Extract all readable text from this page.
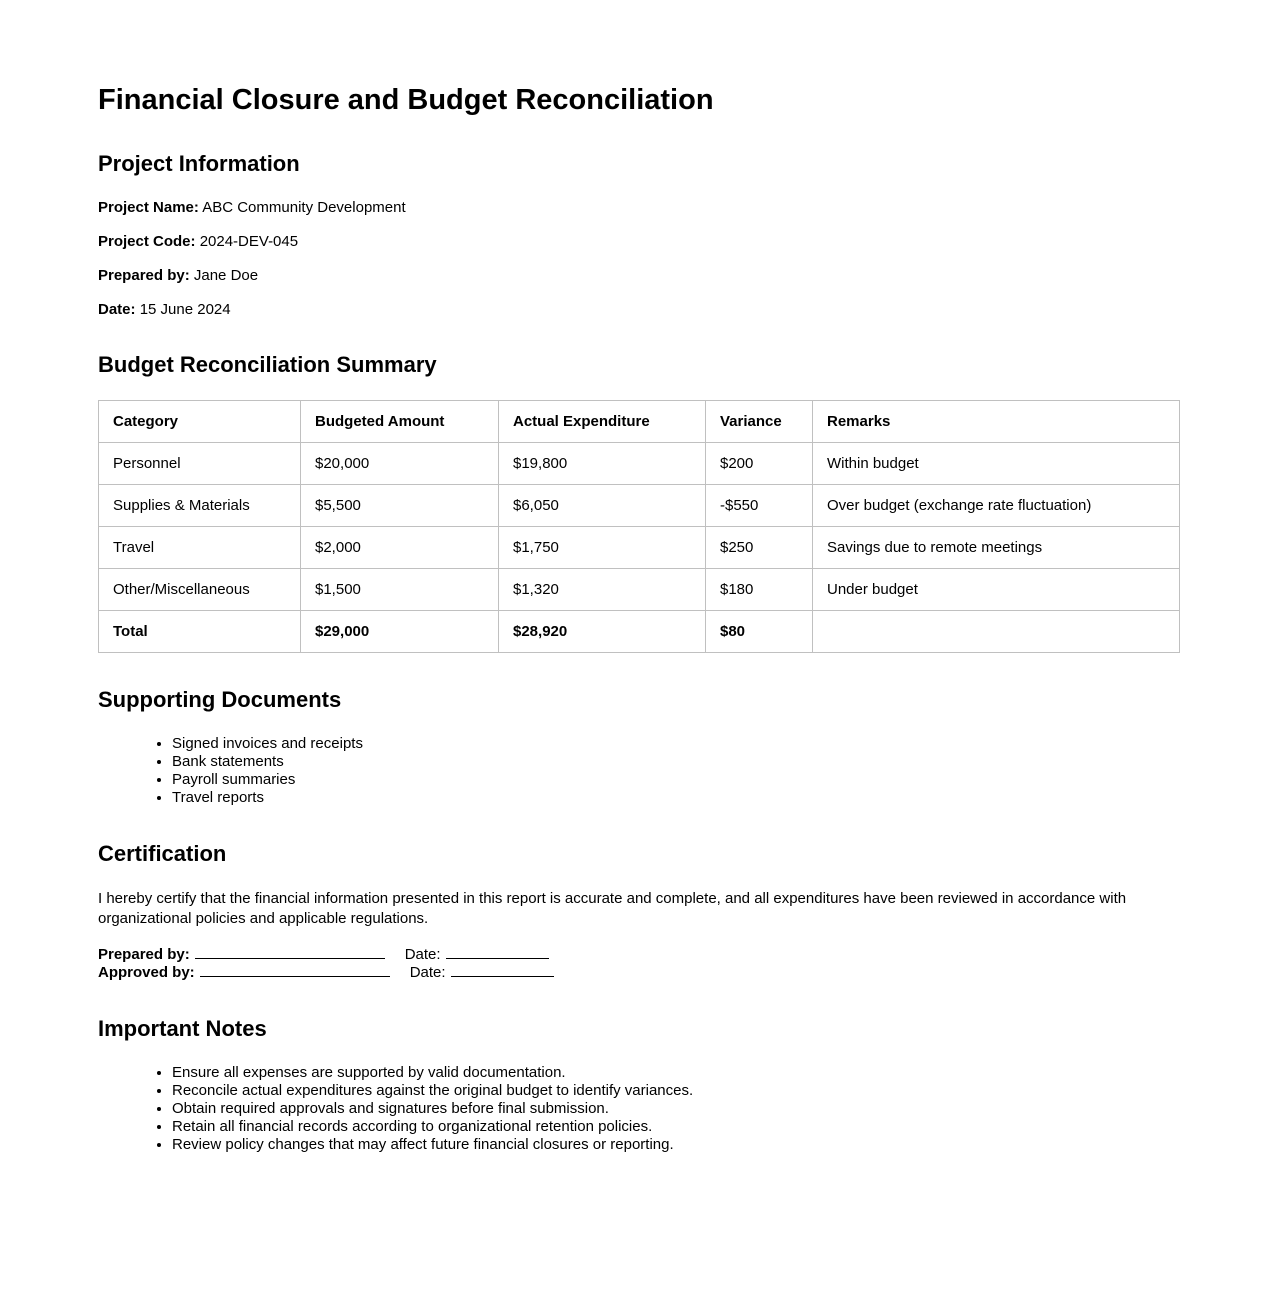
Financial Closure and Budget Reconciliation
Project Information

Project Name: ABC Community Development

Project Code: 2024-DEV-045

Prepared by: Jane Doe

Date: 15 June 2024

Budget Reconciliation Summary
Category	Budgeted Amount	Actual Expenditure	Variance	Remarks
Personnel	$20,000	$19,800	$200	Within budget
Supplies & Materials	$5,500	$6,050	-$550	Over budget (exchange rate fluctuation)
Travel	$2,000	$1,750	$250	Savings due to remote meetings
Other/Miscellaneous	$1,500	$1,320	$180	Under budget
Total	$29,000	$28,920	$80	
Supporting Documents
• Signed invoices and receipts
• Bank statements
• Payroll summaries
• Travel reports
Certification

I hereby certify that the financial information presented in this report is accurate and complete, and all expenditures have been reviewed in accordance with organizational policies and applicable regulations.

Prepared by:	Date:
Approved by:	Date:
Important Notes
• Ensure all expenses are supported by valid documentation.
• Reconcile actual expenditures against the original budget to identify variances.
• Obtain required approvals and signatures before final submission.
• Retain all financial records according to organizational retention policies.
• Review policy changes that may affect future financial closures or reporting.
